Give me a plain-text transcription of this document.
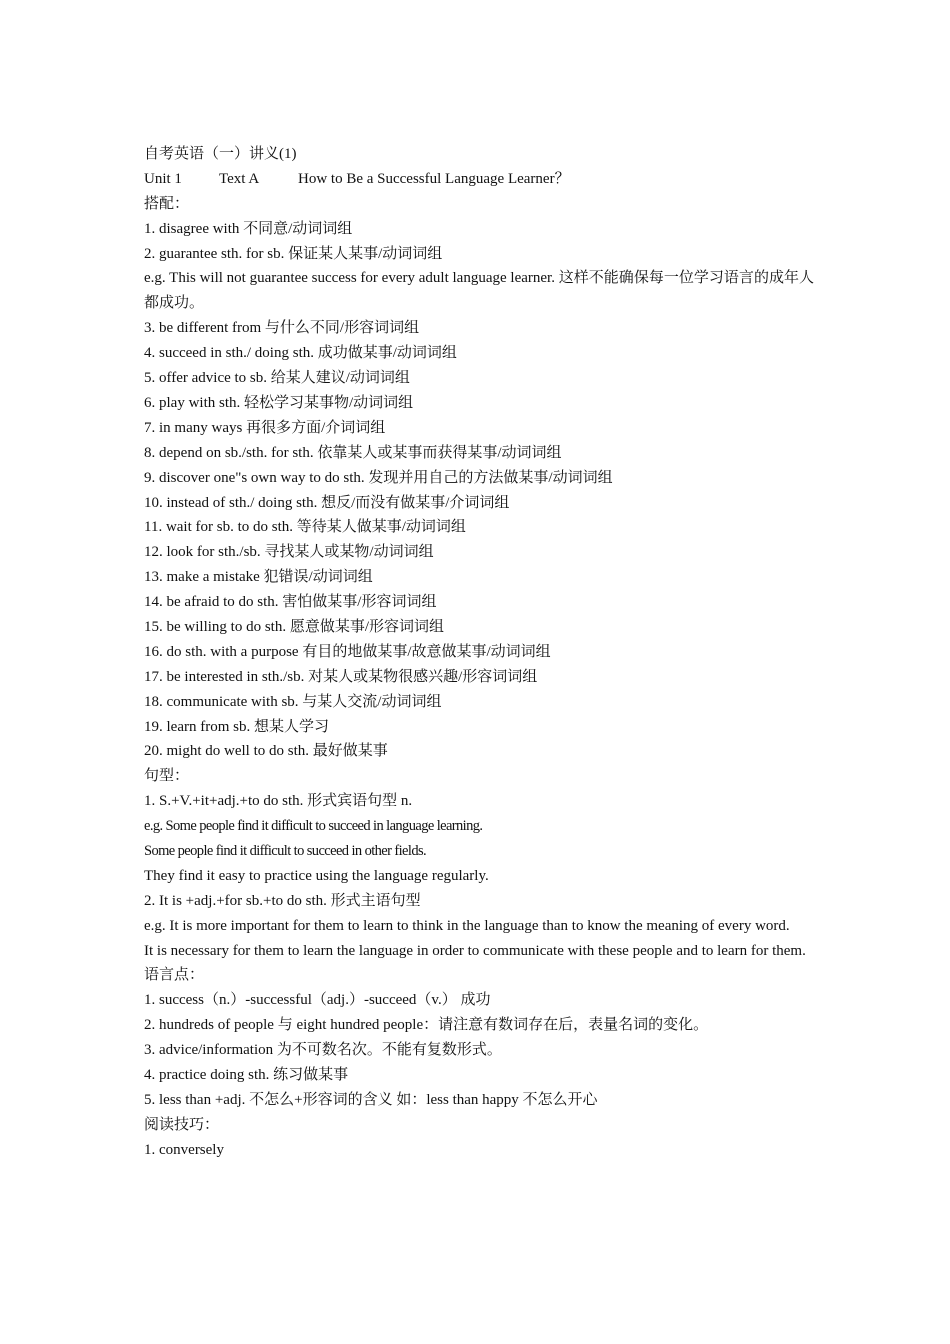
自考英语（一）讲义(1)
Unit 1 Text A	How to Be a Successful Language Learner？
搭配：
1. disagree with 不同意/动词词组
2. guarantee sth. for sb. 保证某人某事/动词词组
e.g. This will not guarantee success for every adult language learner. 这样不能确保每一位学习语言的成年人都成功。
3. be different from 与什么不同/形容词词组
4. succeed in sth./ doing sth. 成功做某事/动词词组
5. offer advice to sb. 给某人建议/动词词组
6. play with sth. 轻松学习某事物/动词词组
7. in many ways 再很多方面/介词词组
8. depend on sb./sth. for sth. 依靠某人或某事而获得某事/动词词组
9. discover one"s own way to do sth. 发现并用自己的方法做某事/动词词组
10. instead of sth./ doing sth. 想反/而没有做某事/介词词组
11. wait for sb. to do sth. 等待某人做某事/动词词组
12. look for sth./sb. 寻找某人或某物/动词词组
13. make a mistake 犯错误/动词词组
14. be afraid to do sth. 害怕做某事/形容词词组
15. be willing to do sth. 愿意做某事/形容词词组
16. do sth. with a purpose 有目的地做某事/故意做某事/动词词组
17. be interested in sth./sb. 对某人或某物很感兴趣/形容词词组
18. communicate with sb. 与某人交流/动词词组
19. learn from sb. 想某人学习
20. might do well to do sth. 最好做某事
句型：
1. S.+V.+it+adj.+to do sth. 形式宾语句型 n.
e.g. Some people find it difficult to succeed in language learning.
Some people find it difficult to succeed in other fields.
They find it easy to practice using the language regularly.
2. It is +adj.+for sb.+to do sth. 形式主语句型
e.g. It is more important for them to learn to think in the language than to know the meaning of every word.
It is necessary for them to learn the language in order to communicate with these people and to learn for them.
语言点：
1. success（n.）-successful（adj.）-succeed（v.） 成功
2. hundreds of people 与 eight hundred people：请注意有数词存在后，表量名词的变化。
3. advice/information 为不可数名次。不能有复数形式。
4. practice doing sth. 练习做某事
5. less than +adj. 不怎么+形容词的含义 如：less than happy 不怎么开心
阅读技巧：
1. conversely
